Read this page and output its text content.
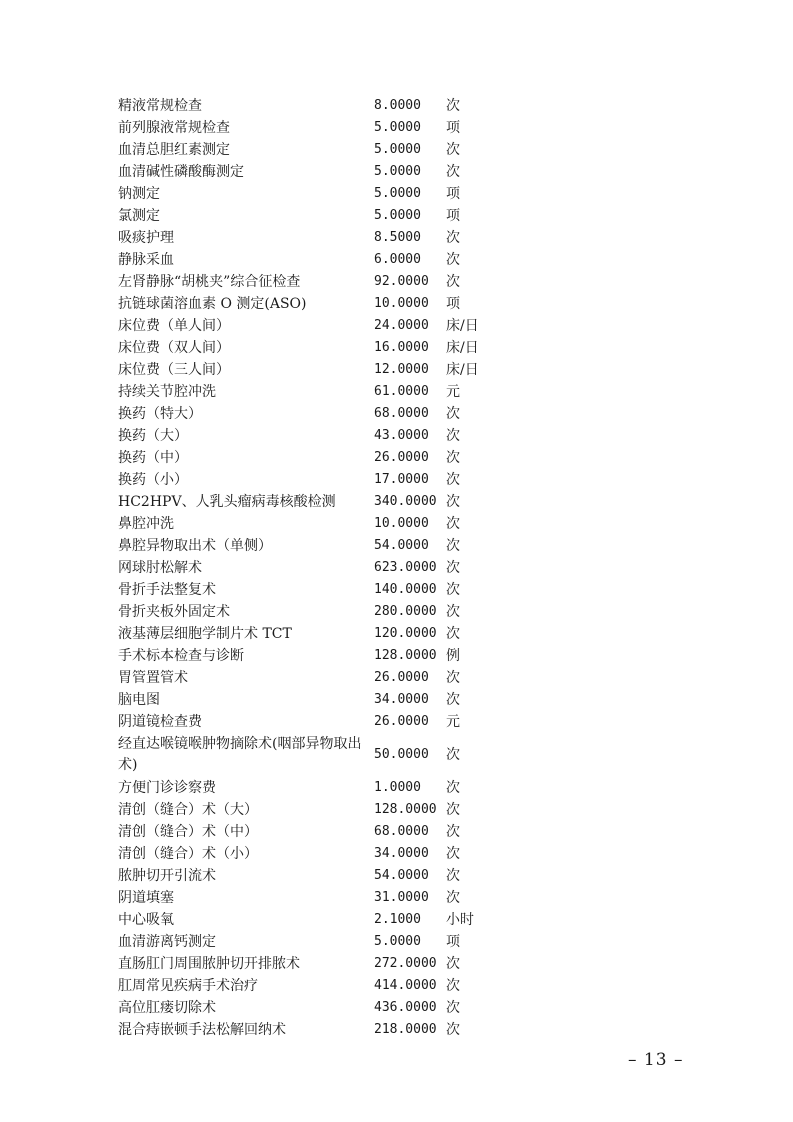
精液常规检查	8.0000	次
前列腺液常规检查	5.0000	项
血清总胆红素测定	5.0000	次
血清碱性磷酸酶测定	5.0000	次
钠测定	5.0000	项
氯测定	5.0000	项
吸痰护理	8.5000	次
静脉采血	6.0000	次
左肾静脉“胡桃夹”综合征检查	92.0000	次
抗链球菌溶血素 O 测定(ASO)	10.0000	项
床位费（单人间）	24.0000	床/日
床位费（双人间）	16.0000	床/日
床位费（三人间）	12.0000	床/日
持续关节腔冲洗	61.0000	元
换药（特大）	68.0000	次
换药（大）	43.0000	次
换药（中）	26.0000	次
换药（小）	17.0000	次
HC2HPV、人乳头瘤病毒核酸检测	340.0000	次
鼻腔冲洗	10.0000	次
鼻腔异物取出术（单侧）	54.0000	次
网球肘松解术	623.0000	次
骨折手法整复术	140.0000	次
骨折夹板外固定术	280.0000	次
液基薄层细胞学制片术 TCT	120.0000	次
手术标本检查与诊断	128.0000	例
胃管置管术	26.0000	次
脑电图	34.0000	次
阴道镜检查费	26.0000	元
经直达喉镜喉肿物摘除术(咽部异物取出术)	50.0000	次
方便门诊诊察费	1.0000	次
清创（缝合）术（大）	128.0000	次
清创（缝合）术（中）	68.0000	次
清创（缝合）术（小）	34.0000	次
脓肿切开引流术	54.0000	次
阴道填塞	31.0000	次
中心吸氧	2.1000	小时
血清游离钙测定	5.0000	项
直肠肛门周围脓肿切开排脓术	272.0000	次
肛周常见疾病手术治疗	414.0000	次
高位肛瘘切除术	436.0000	次
混合痔嵌顿手法松解回纳术	218.0000	次
– 13 –
